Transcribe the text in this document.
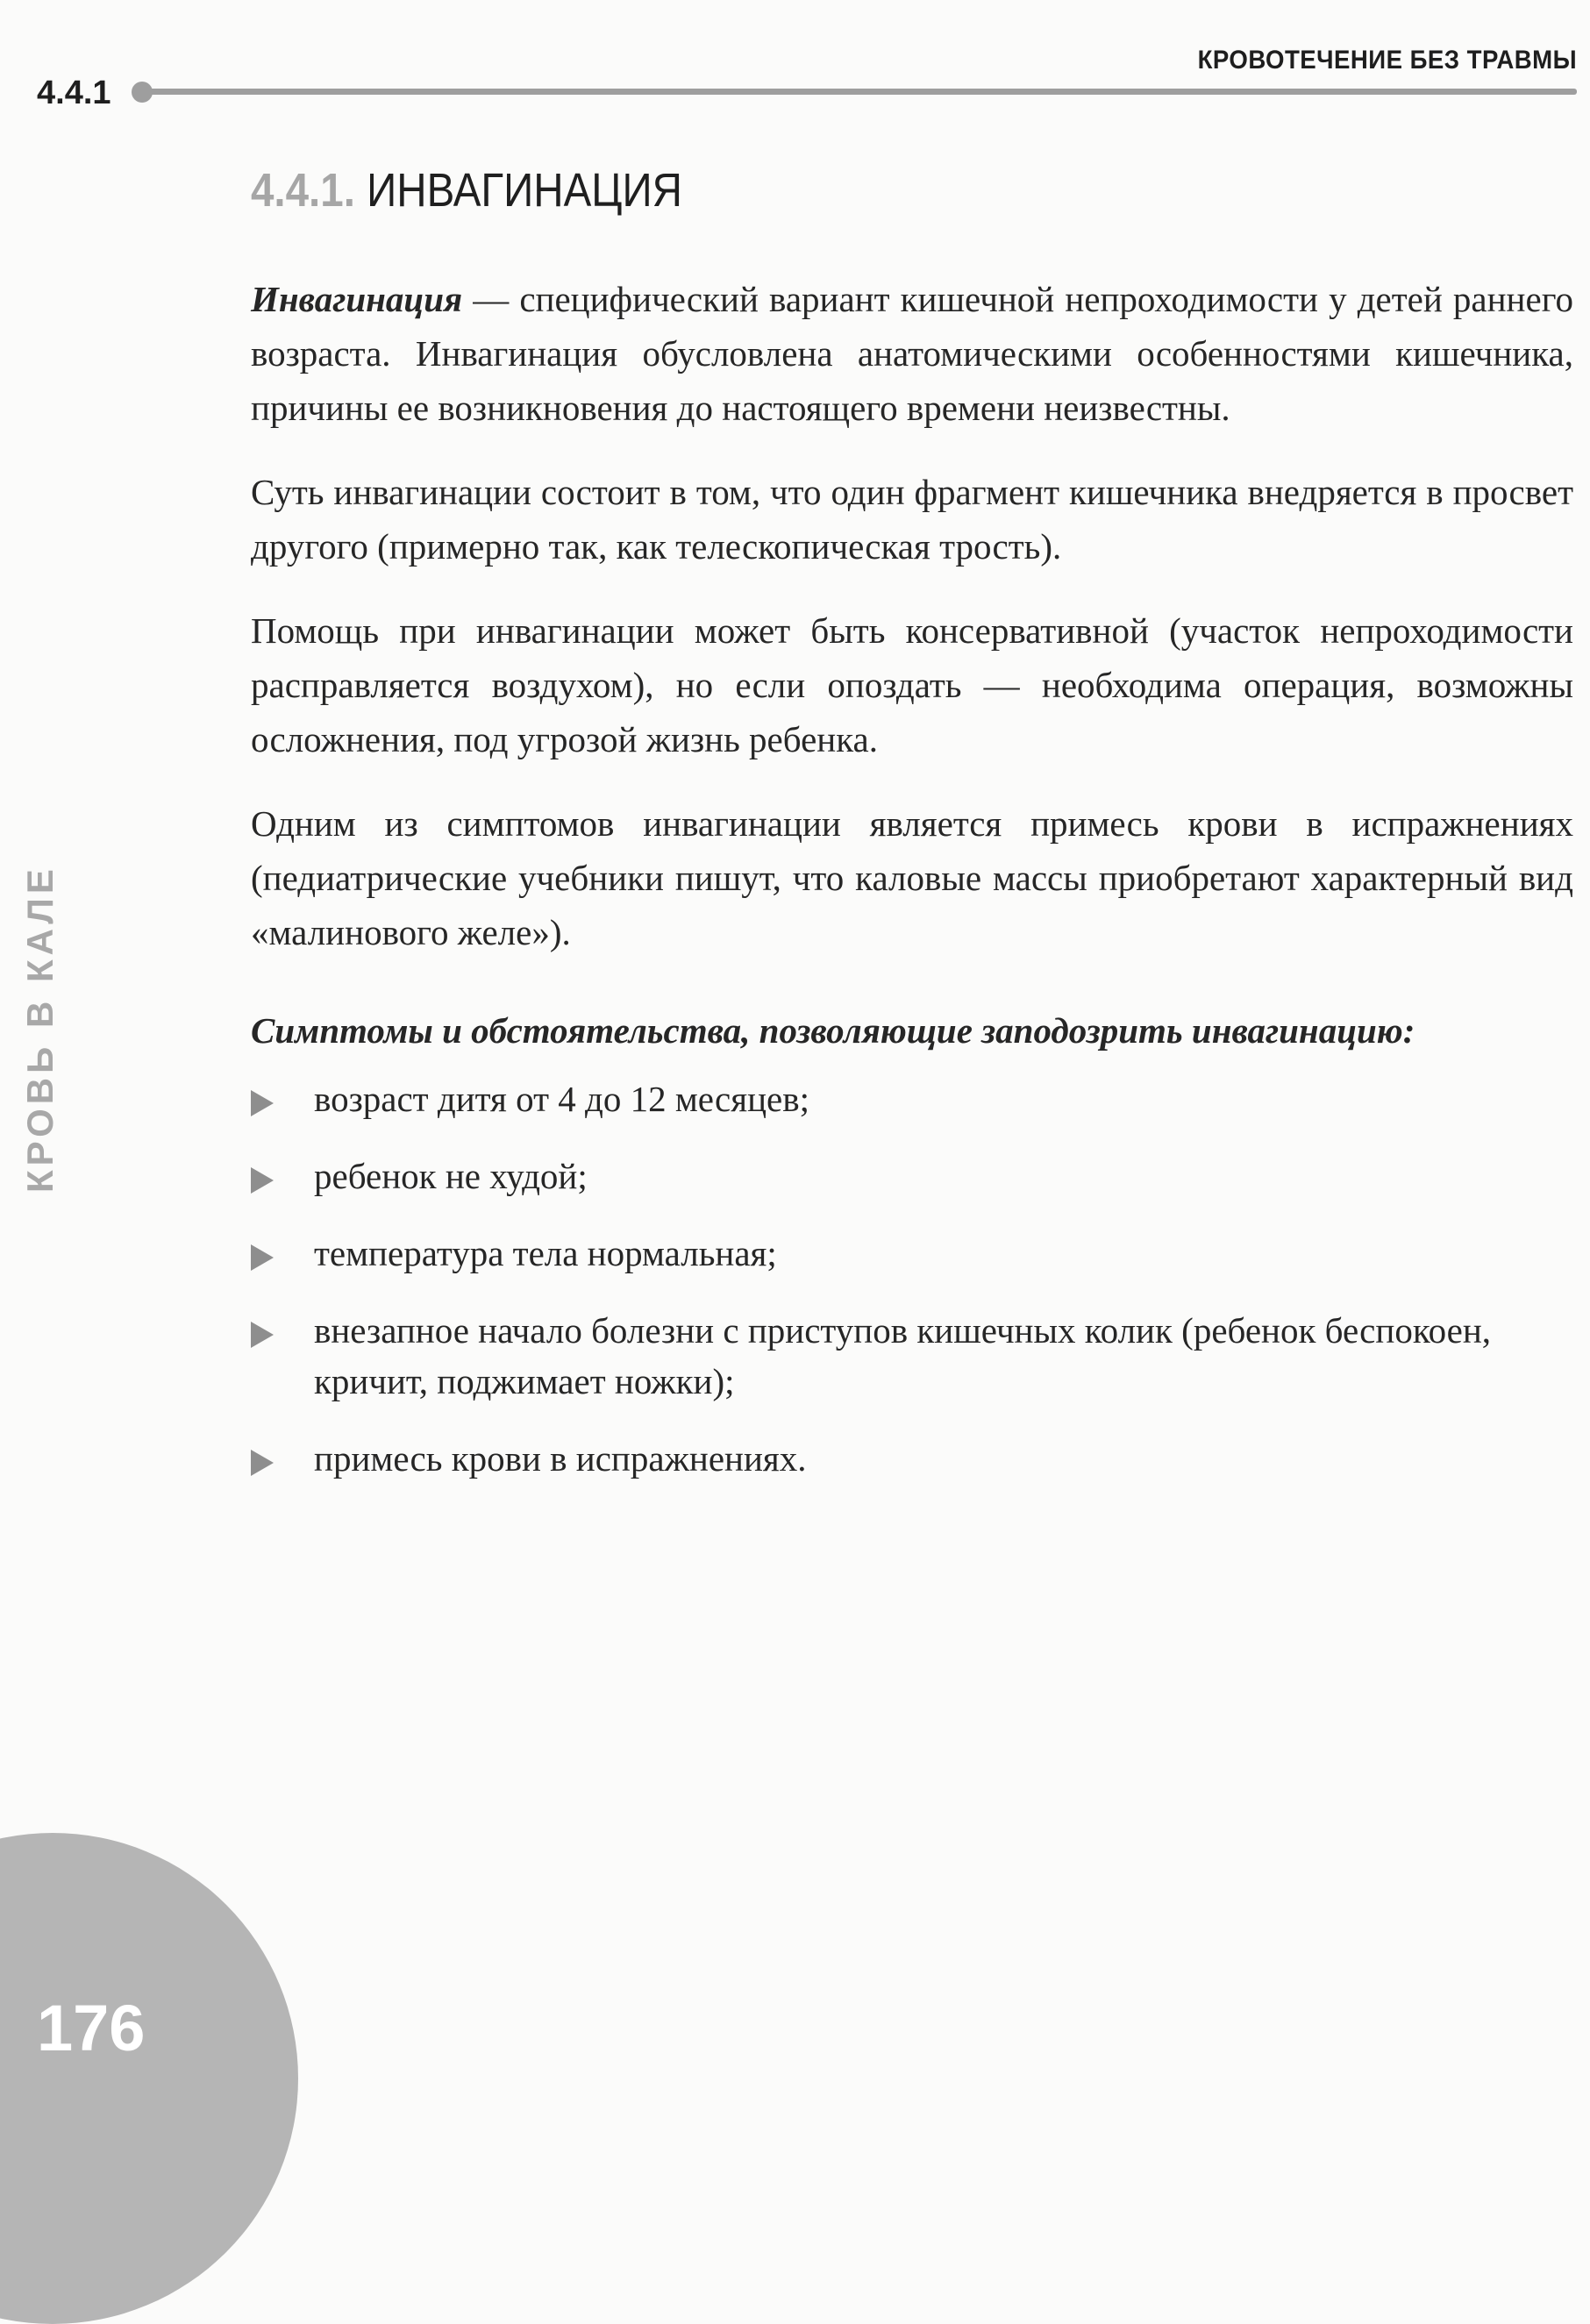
КРОВОТЕЧЕНИЕ БЕЗ ТРАВМЫ
4.4.1
КРОВЬ В КАЛЕ
176
4.4.1. ИНВАГИНАЦИЯ

Инвагинация — специфический вариант кишечной непроходимости у детей раннего возраста. Инвагинация обусловлена анатомическими особенностями кишечника, причины ее возникновения до настоящего времени неизвестны.

Суть инвагинации состоит в том, что один фрагмент кишечника внедряется в просвет другого (примерно так, как телескопическая трость).

Помощь при инвагинации может быть консервативной (участок непроходимости расправляется воздухом), но если опоздать — необходима операция, возможны осложнения, под угрозой жизнь ребенка.

Одним из симптомов инвагинации является примесь крови в испражнениях (педиатрические учебники пишут, что каловые массы приобретают характерный вид «малинового желе»).

Симптомы и обстоятельства, позволяющие заподозрить инвагинацию:
возраст дитя от 4 до 12 месяцев;
ребенок не худой;
температура тела нормальная;
внезапное начало болезни с приступов кишечных колик (ребенок беспокоен, кричит, поджимает ножки);
примесь крови в испражнениях.
